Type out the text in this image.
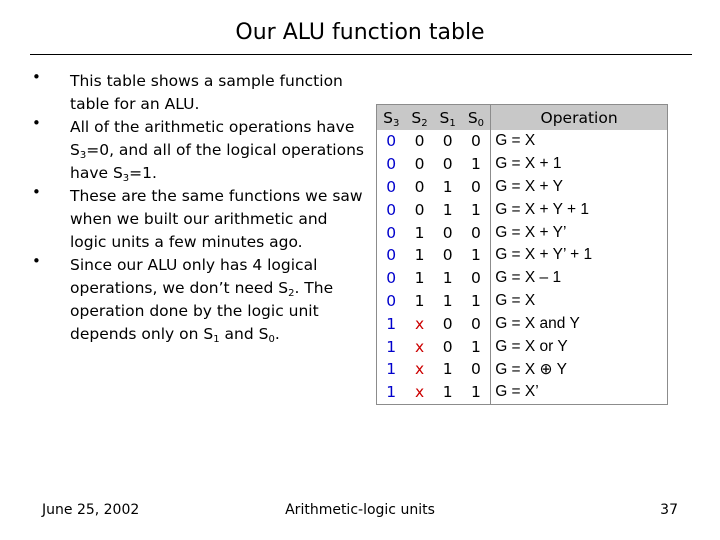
Our ALU function table
• This table shows a sample function table for an ALU.
• All of the arithmetic operations have $S_3=0$, and all of the logical operations have $S_3=1$.
• These are the same functions we saw when we built our arithmetic and logic units a few minutes ago.
• Since our ALU only has 4 logical operations, we don’t need $S_2$. The operation done by the logic unit depends only on $S_1$ and $S_0$.
$S_3$	$S_2$	$S_1$	$S_0$	Operation
0	0	0	0	G = X
0	0	0	1	G = X + 1
0	0	1	0	G = X + Y
0	0	1	1	G = X + Y + 1
0	1	0	0	G = X + Y’
0	1	0	1	G = X + Y’ + 1
0	1	1	0	G = X – 1
0	1	1	1	G = X
1	x	0	0	G = X and Y
1	x	0	1	G = X or Y
1	x	1	0	G = X ⊕ Y
1	x	1	1	G = X’
June 25, 2002	Arithmetic-logic units	37
